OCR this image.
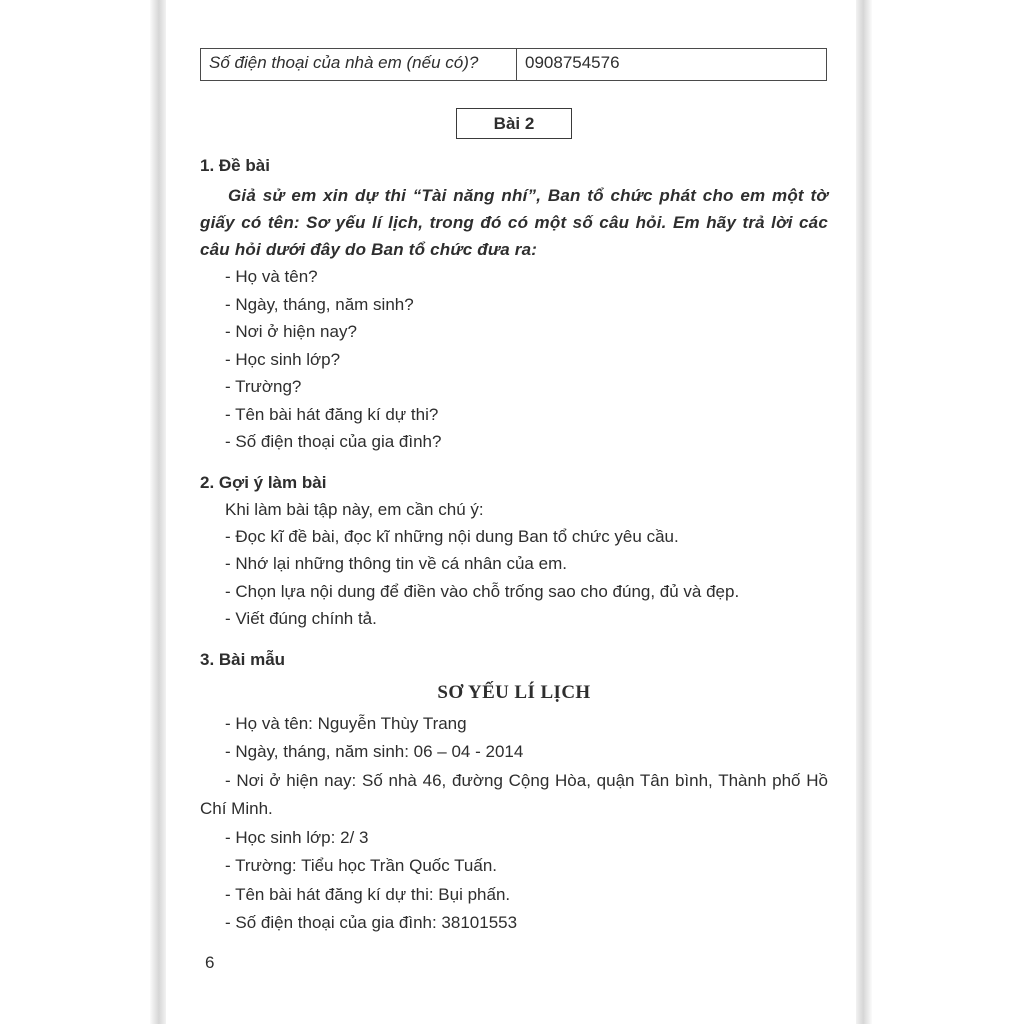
Số điện thoại của nhà em (nếu có)?	0908754576
Bài 2
1. Đề bài

Giả sử em xin dự thi “Tài năng nhí”, Ban tổ chức phát cho em một tờ giấy có tên: Sơ yếu lí lịch, trong đó có một số câu hỏi. Em hãy trả lời các câu hỏi dưới đây do Ban tổ chức đưa ra:

- Họ và tên?

- Ngày, tháng, năm sinh?

- Nơi ở hiện nay?

- Học sinh lớp?

- Trường?

- Tên bài hát đăng kí dự thi?

- Số điện thoại của gia đình?

2. Gợi ý làm bài

Khi làm bài tập này, em cần chú ý:

- Đọc kĩ đề bài, đọc kĩ những nội dung Ban tổ chức yêu cầu.

- Nhớ lại những thông tin về cá nhân của em.

- Chọn lựa nội dung để điền vào chỗ trống sao cho đúng, đủ và đẹp.

- Viết đúng chính tả.

3. Bài mẫu
SƠ YẾU LÍ LỊCH

- Họ và tên: Nguyễn Thùy Trang

- Ngày, tháng, năm sinh: 06 – 04 - 2014

- Nơi ở hiện nay: Số nhà 46, đường Cộng Hòa, quận Tân bình, Thành phố Hồ Chí Minh.

- Học sinh lớp: 2/ 3

- Trường: Tiểu học Trần Quốc Tuấn.

- Tên bài hát đăng kí dự thi: Bụi phấn.

- Số điện thoại của gia đình: 38101553

6
